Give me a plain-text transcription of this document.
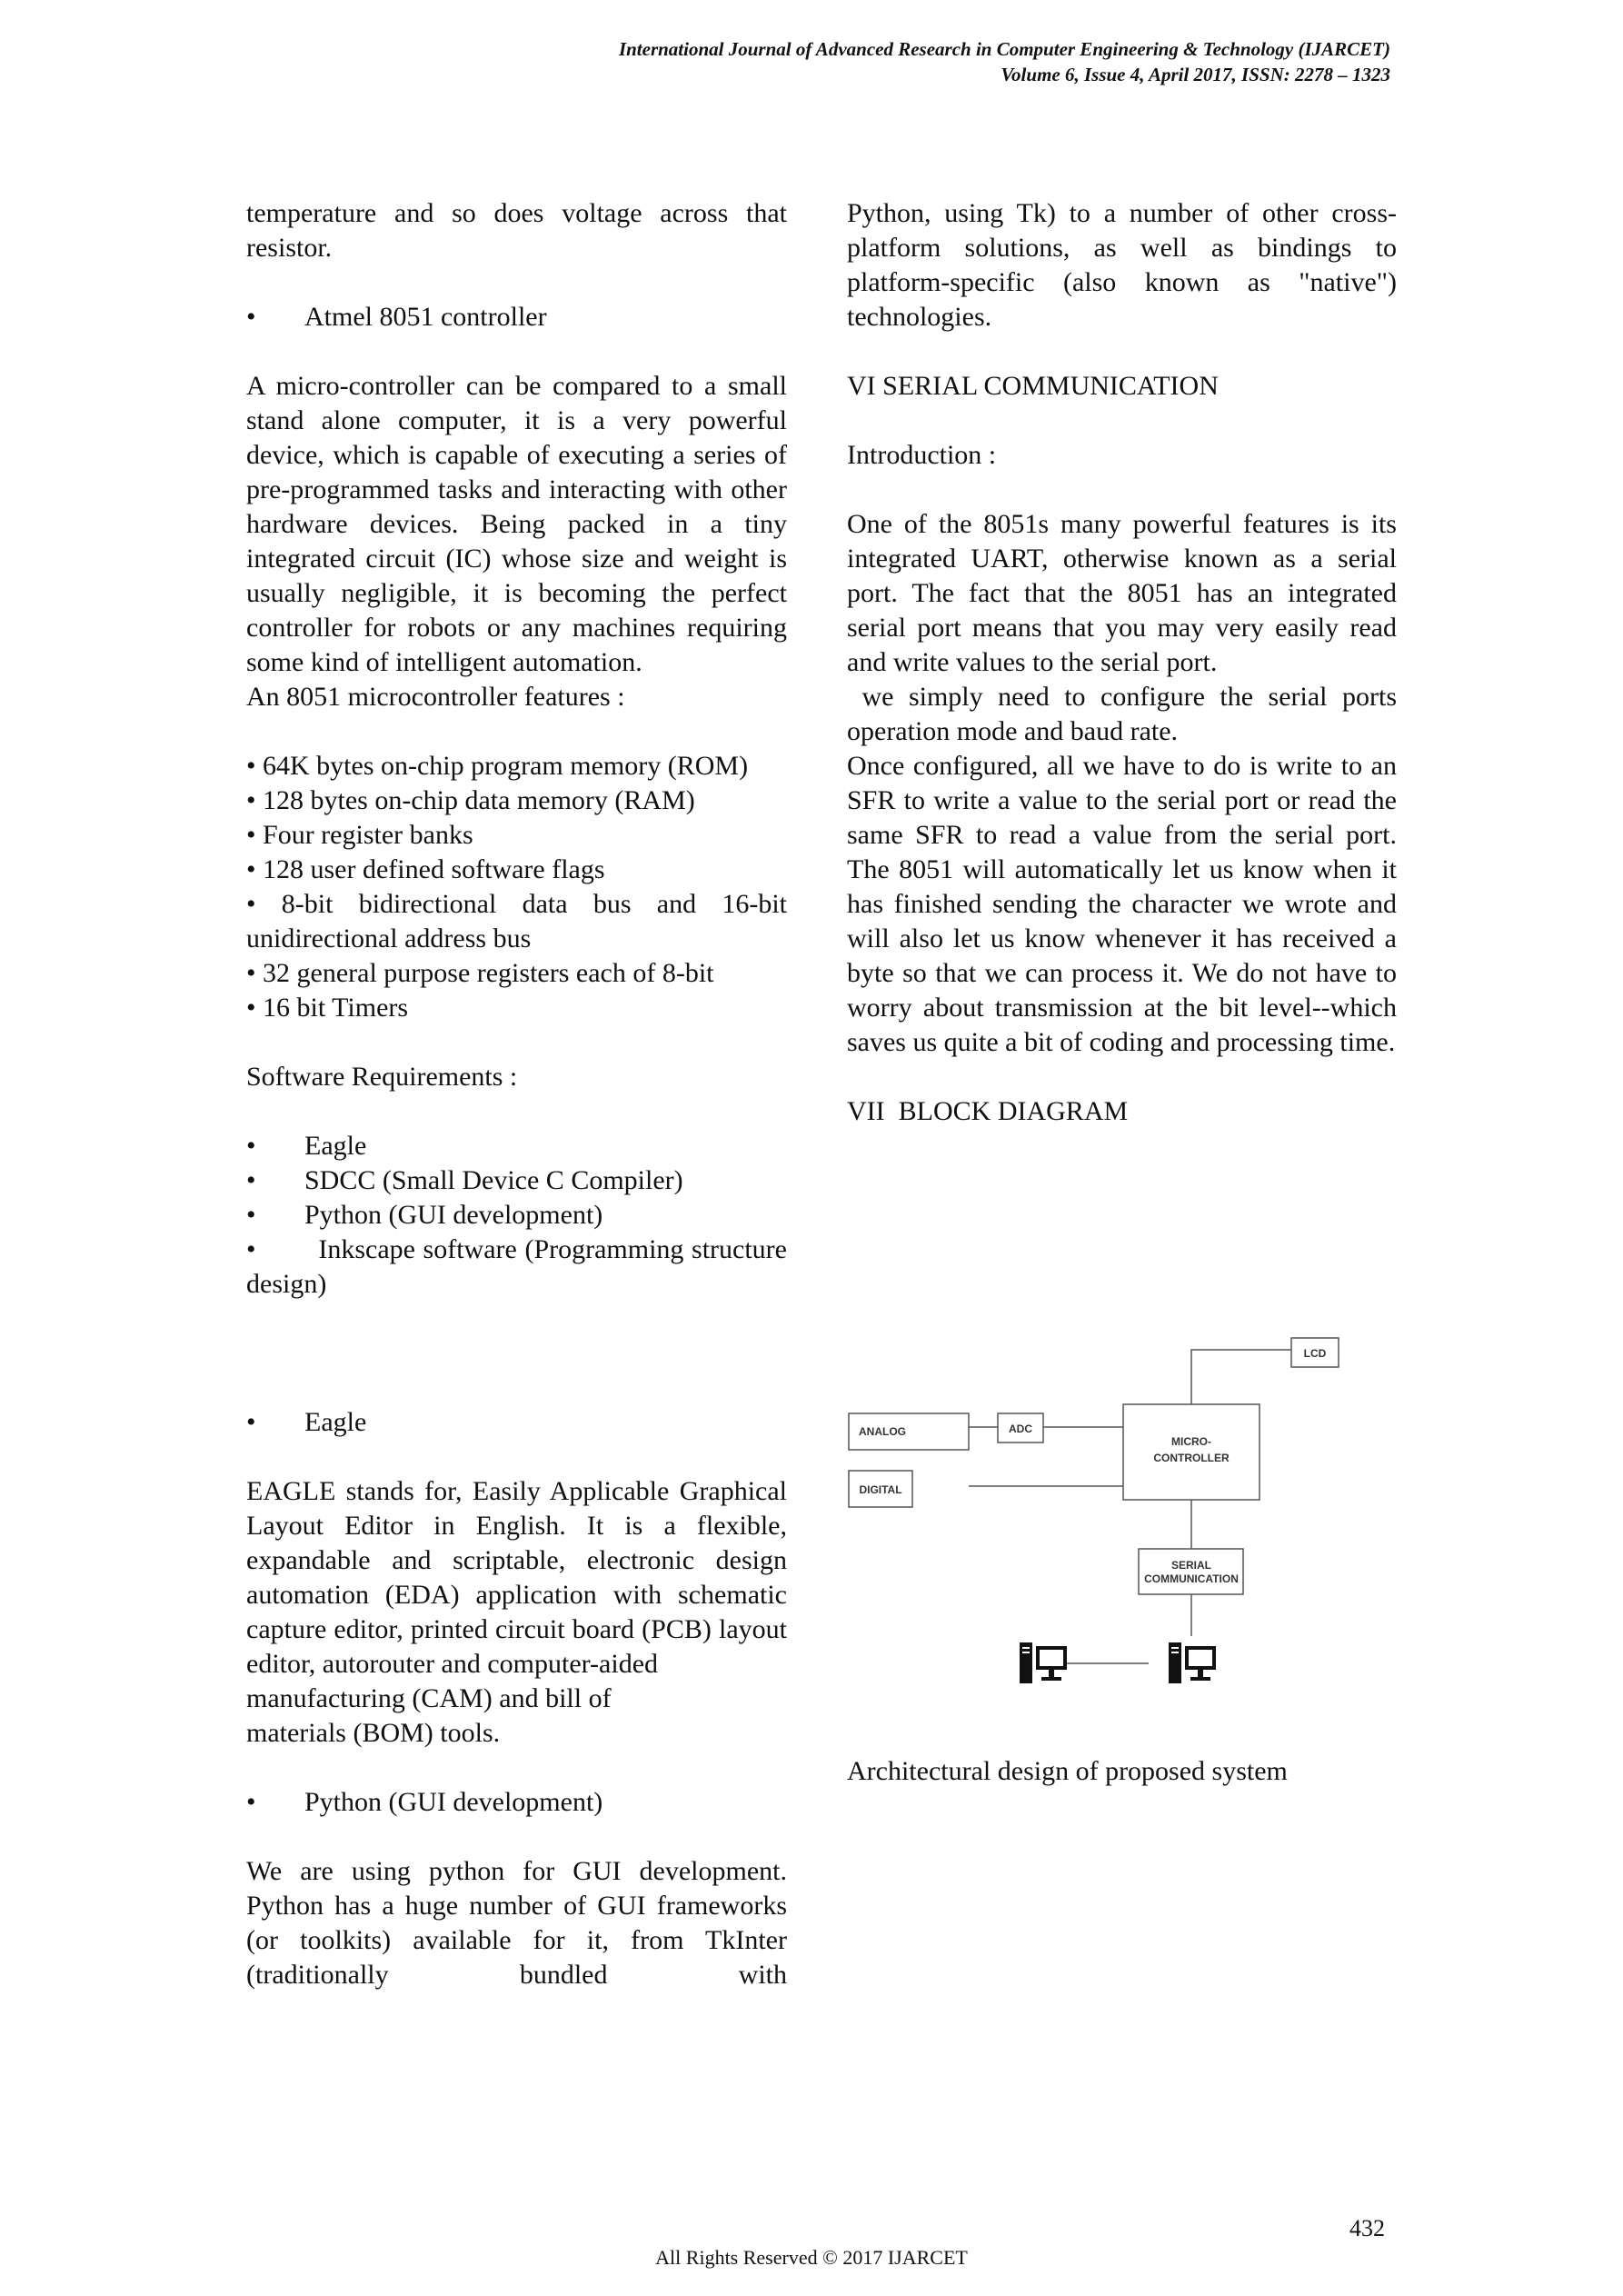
International Journal of Advanced Research in Computer Engineering & Technology (IJARCET)
Volume 6, Issue 4, April 2017, ISSN: 2278 – 1323

temperature and so does voltage across that resistor.

•	Atmel 8051 controller

A micro-controller can be compared to a small stand alone computer, it is a very powerful device, which is capable of executing a series of pre-programmed tasks and interacting with other hardware devices. Being packed in a tiny integrated circuit (IC) whose size and weight is usually negligible, it is becoming the perfect controller for robots or any machines requiring some kind of intelligent automation.

An 8051 microcontroller features :

• 64K bytes on-chip program memory (ROM)

• 128 bytes on-chip data memory (RAM)

• Four register banks

• 128 user defined software flags

• 8-bit bidirectional data bus and 16-bit unidirectional address bus

• 32 general purpose registers each of 8-bit

• 16 bit Timers

Software Requirements :

•	Eagle
•	SDCC (Small Device C Compiler)
•	Python (GUI development)

•        Inkscape software (Programming structure design)

•	Eagle

EAGLE stands for, Easily Applicable Graphical Layout Editor in English. It is a flexible, expandable and scriptable, electronic design automation (EDA) application with schematic capture editor, printed circuit board (PCB) layout editor, autorouter and computer-aided

manufacturing (CAM) and bill of

materials (BOM) tools.

•	Python (GUI development)

We are using python for GUI development. Python has a huge number of GUI frameworks (or toolkits) available for it, from TkInter (traditionally bundled with

Python, using Tk) to a number of other cross-platform solutions, as well as bindings to platform-specific (also known as "native") technologies.

VI SERIAL COMMUNICATION

Introduction :

One of the 8051s many powerful features is its integrated UART, otherwise known as a serial port. The fact that the 8051 has an integrated serial port means that you may very easily read and write values to the serial port.

we simply need to configure the serial ports operation mode and baud rate.

Once configured, all we have to do is write to an SFR to write a value to the serial port or read the same SFR to read a value from the serial port. The 8051 will automatically let us know when it has finished sending the character we wrote and will also let us know whenever it has received a byte so that we can process it. We do not have to worry about transmission at the bit level--which saves us quite a bit of coding and processing time.

VII  BLOCK DIAGRAM

LCD
ANALOG	ADC
MICRO-
CONTROLLER
DIGITAL
SERIAL
COMMUNICATION
Architectural design of proposed system
432
All Rights Reserved © 2017 IJARCET
